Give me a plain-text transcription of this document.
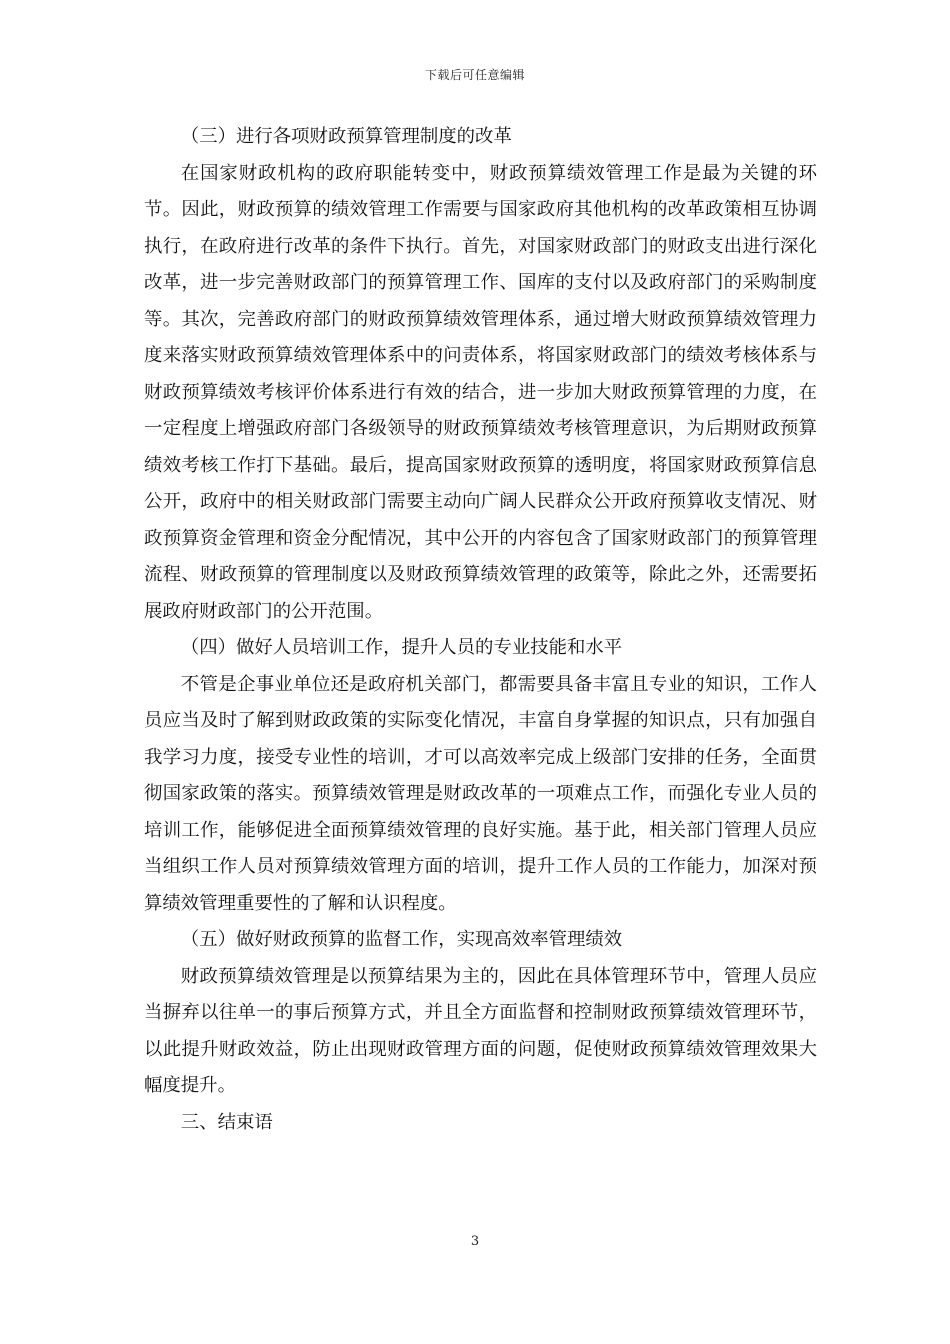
下载后可任意编辑

（三）进行各项财政预算管理制度的改革

在国家财政机构的政府职能转变中，财政预算绩效管理工作是最为关键的环节。因此，财政预算的绩效管理工作需要与国家政府其他机构的改革政策相互协调执行，在政府进行改革的条件下执行。首先，对国家财政部门的财政支出进行深化改革，进一步完善财政部门的预算管理工作、国库的支付以及政府部门的采购制度等。其次，完善政府部门的财政预算绩效管理体系，通过增大财政预算绩效管理力度来落实财政预算绩效管理体系中的问责体系，将国家财政部门的绩效考核体系与财政预算绩效考核评价体系进行有效的结合，进一步加大财政预算管理的力度，在一定程度上增强政府部门各级领导的财政预算绩效考核管理意识，为后期财政预算绩效考核工作打下基础。最后，提高国家财政预算的透明度，将国家财政预算信息公开，政府中的相关财政部门需要主动向广阔人民群众公开政府预算收支情况、财政预算资金管理和资金分配情况，其中公开的内容包含了国家财政部门的预算管理流程、财政预算的管理制度以及财政预算绩效管理的政策等，除此之外，还需要拓展政府财政部门的公开范围。

（四）做好人员培训工作，提升人员的专业技能和水平

不管是企事业单位还是政府机关部门，都需要具备丰富且专业的知识，工作人员应当及时了解到财政政策的实际变化情况，丰富自身掌握的知识点，只有加强自我学习力度，接受专业性的培训，才可以高效率完成上级部门安排的任务，全面贯彻国家政策的落实。预算绩效管理是财政改革的一项难点工作，而强化专业人员的培训工作，能够促进全面预算绩效管理的良好实施。基于此，相关部门管理人员应当组织工作人员对预算绩效管理方面的培训，提升工作人员的工作能力，加深对预算绩效管理重要性的了解和认识程度。

（五）做好财政预算的监督工作，实现高效率管理绩效

财政预算绩效管理是以预算结果为主的，因此在具体管理环节中，管理人员应当摒弃以往单一的事后预算方式，并且全方面监督和控制财政预算绩效管理环节，以此提升财政效益，防止出现财政管理方面的问题，促使财政预算绩效管理效果大幅度提升。

三、结束语

3
